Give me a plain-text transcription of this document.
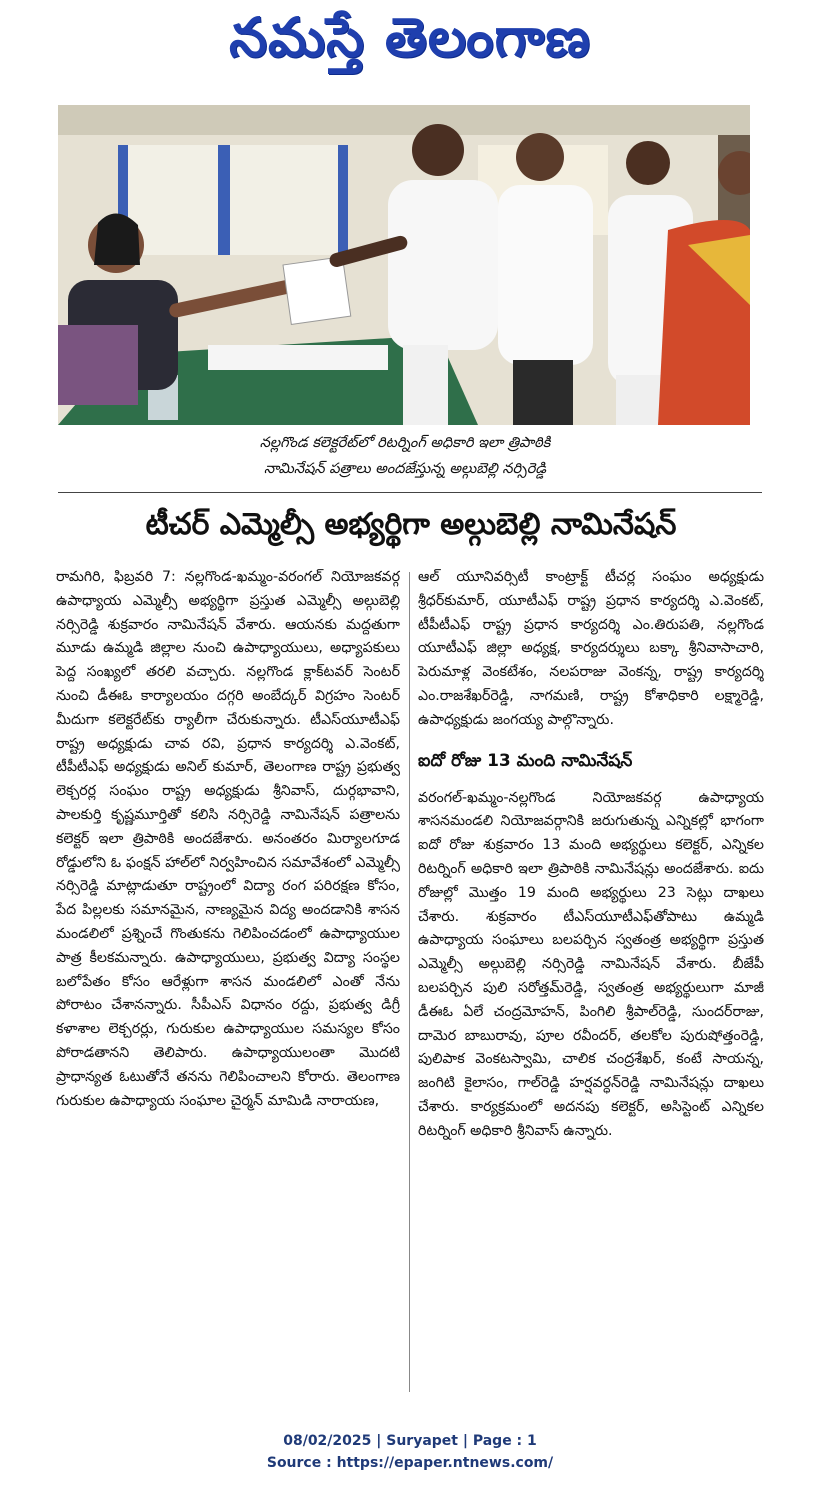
నమస్తే తెలంగాణ
నల్లగొండ కలెక్టరేట్‌లో రిటర్నింగ్ అధికారి ఇలా త్రిపాఠికి
నామినేషన్ పత్రాలు అందజేస్తున్న అల్గుబెల్లి నర్సిరెడ్డి
టీచర్ ఎమ్మెల్సీ అభ్యర్థిగా అల్గుబెల్లి నామినేషన్

రామగిరి, ఫిబ్రవరి 7: నల్లగొండ-ఖమ్మం-వరంగల్ నియోజకవర్గ ఉపాధ్యాయ ఎమ్మెల్సీ అభ్యర్థిగా ప్రస్తుత ఎమ్మెల్సీ అల్గుబెల్లి నర్సిరెడ్డి శుక్రవారం నామినేషన్ వేశారు. ఆయనకు మద్దతుగా మూడు ఉమ్మడి జిల్లాల నుంచి ఉపాధ్యాయులు, అధ్యాపకులు పెద్ద సంఖ్యలో తరలి వచ్చారు. నల్లగొండ క్లాక్‌టవర్ సెంటర్ నుంచి డీఈఓ కార్యాలయం దగ్గరి అంబేద్కర్ విగ్రహం సెంటర్ మీదుగా కలెక్టరేట్‌కు ర్యాలీగా చేరుకున్నారు. టీఎస్‌యూటీఎఫ్ రాష్ట్ర అధ్యక్షుడు చావ రవి, ప్రధాన కార్యదర్శి ఎ.వెంకట్, టీపీటీఎఫ్ అధ్యక్షుడు అనిల్ కుమార్, తెలంగాణ రాష్ట్ర ప్రభుత్వ లెక్చరర్ల సంఘం రాష్ట్ర అధ్యక్షుడు శ్రీనివాస్, దుర్గభావాని, పాలకుర్తి కృష్ణమూర్తితో కలిసి నర్సిరెడ్డి నామినేషన్ పత్రాలను కలెక్టర్ ఇలా త్రిపాఠికి అందజేశారు. అనంతరం మిర్యాలగూడ రోడ్డులోని ఓ ఫంక్షన్ హాల్‌లో నిర్వహించిన సమావేశంలో ఎమ్మెల్సీ నర్సిరెడ్డి మాట్లాడుతూ రాష్ట్రంలో విద్యా రంగ పరిరక్షణ కోసం, పేద పిల్లలకు సమానమైన, నాణ్యమైన విద్య అందడానికి శాసన మండలిలో ప్రశ్నించే గొంతుకను గెలిపించడంలో ఉపాధ్యాయుల పాత్ర కీలకమన్నారు. ఉపాధ్యాయులు, ప్రభుత్వ విద్యా సంస్థల బలోపేతం కోసం ఆరేళ్లుగా శాసన మండలిలో ఎంతో నేను పోరాటం చేశానన్నారు. సీపీఎస్ విధానం రద్దు, ప్రభుత్వ డిగ్రీ కళాశాల లెక్చరర్లు, గురుకుల ఉపాధ్యాయుల సమస్యల కోసం పోరాడతానని తెలిపారు. ఉపాధ్యాయులంతా మొదటి ప్రాధాన్యత ఓటుతోనే తనను గెలిపించాలని కోరారు. తెలంగాణ గురుకుల ఉపాధ్యాయ సంఘాల చైర్మన్ మామిడి నారాయణ,

ఆల్ యూనివర్సిటీ కాంట్రాక్ట్ టీచర్ల సంఘం అధ్యక్షుడు శ్రీధర్‌కుమార్, యూటీఎఫ్ రాష్ట్ర ప్రధాన కార్యదర్శి ఎ.వెంకట్, టీపీటీఎఫ్ రాష్ట్ర ప్రధాన కార్యదర్శి ఎం.తిరుపతి, నల్లగొండ యూటీఎఫ్ జిల్లా అధ్యక్ష, కార్యదర్శులు బక్కా శ్రీనివాసాచారి, పెరుమాళ్ల వెంకటేశం, నలపరాజు వెంకన్న, రాష్ట్ర కార్యదర్శి ఎం.రాజశేఖర్‌రెడ్డి, నాగమణి, రాష్ట్ర కోశాధికారి లక్ష్మారెడ్డి, ఉపాధ్యక్షుడు జంగయ్య పాల్గొన్నారు.

ఐదో రోజు 13 మంది నామినేషన్

వరంగల్-ఖమ్మం-నల్లగొండ నియోజకవర్గ ఉపాధ్యాయ శాసనమండలి నియోజవర్గానికి జరుగుతున్న ఎన్నికల్లో భాగంగా ఐదో రోజు శుక్రవారం 13 మంది అభ్యర్థులు కలెక్టర్, ఎన్నికల రిటర్నింగ్ అధికారి ఇలా త్రిపాఠికి నామినేషన్లు అందజేశారు. ఐదు రోజుల్లో మొత్తం 19 మంది అభ్యర్థులు 23 సెట్లు దాఖలు చేశారు. శుక్రవారం టీఎస్‌యూటీఎఫ్‌తోపాటు ఉమ్మడి ఉపాధ్యాయ సంఘాలు బలపర్చిన స్వతంత్ర అభ్యర్థిగా ప్రస్తుత ఎమ్మెల్సీ అల్గుబెల్లి నర్సిరెడ్డి నామినేషన్ వేశారు. బీజేపీ బలపర్చిన పులి సరోత్తమ్‌రెడ్డి, స్వతంత్ర అభ్యర్థులుగా మాజీ డీఈఓ ఏలే చంద్రమోహన్, పింగిలి శ్రీపాల్‌రెడ్డి, సుందర్‌రాజు, దామెర బాబురావు, పూల రవీందర్, తలకోల పురుషోత్తంరెడ్డి, పులిపాక వెంకటస్వామి, చాలిక చంద్రశేఖర్, కంటే సాయన్న, జంగిటి కైలాసం, గాల్‌రెడ్డి హర్షవర్ధన్‌రెడ్డి నామినేషన్లు దాఖలు చేశారు. కార్యక్రమంలో అదనపు కలెక్టర్, అసిస్టెంట్ ఎన్నికల రిటర్నింగ్ అధికారి శ్రీనివాస్ ఉన్నారు.

08/02/2025 | Suryapet | Page : 1
Source : https://epaper.ntnews.com/
